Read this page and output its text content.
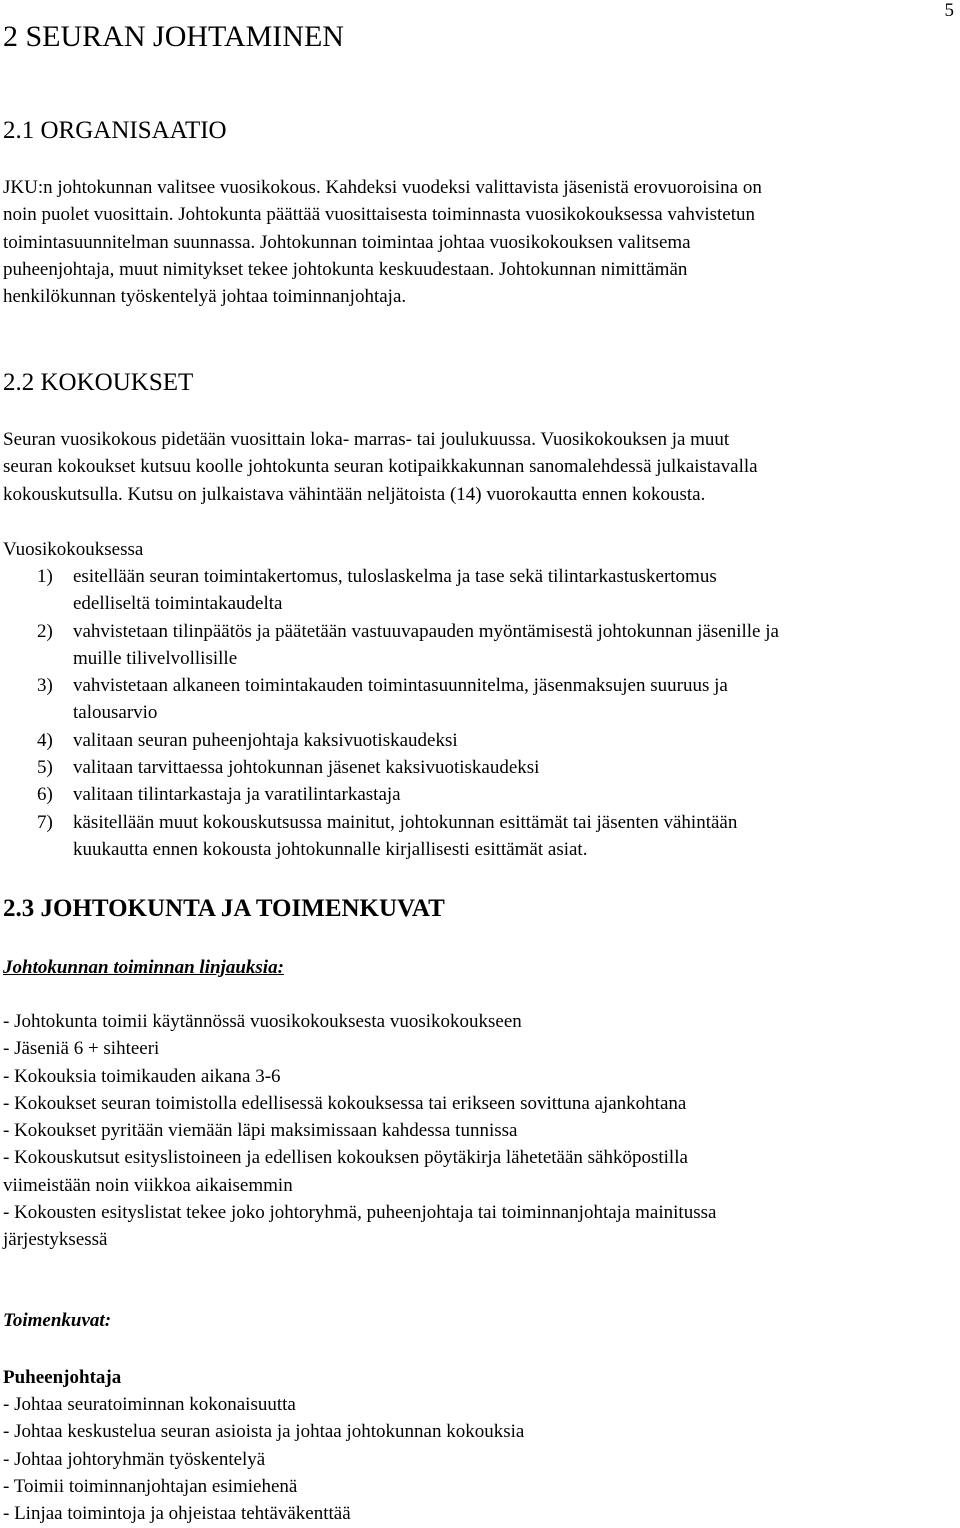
5
2 SEURAN JOHTAMINEN
2.1 ORGANISAATIO
JKU:n johtokunnan valitsee vuosikokous. Kahdeksi vuodeksi valittavista jäsenistä erovuoroisina on
noin puolet vuosittain. Johtokunta päättää vuosittaisesta toiminnasta vuosikokouksessa vahvistetun
toimintasuunnitelman suunnassa. Johtokunnan toimintaa johtaa vuosikokouksen valitsema
puheenjohtaja, muut nimitykset tekee johtokunta keskuudestaan. Johtokunnan nimittämän
henkilökunnan työskentelyä johtaa toiminnanjohtaja.
2.2 KOKOUKSET
Seuran vuosikokous pidetään vuosittain loka- marras- tai joulukuussa. Vuosikokouksen ja muut
seuran kokoukset kutsuu koolle johtokunta seuran kotipaikkakunnan sanomalehdessä julkaistavalla
kokouskutsulla. Kutsu on julkaistava vähintään neljätoista (14) vuorokautta ennen kokousta.
Vuosikokouksessa
1) esitellään seuran toimintakertomus, tuloslaskelma ja tase sekä tilintarkastuskertomus
edelliseltä toimintakaudelta
2) vahvistetaan tilinpäätös ja päätetään vastuuvapauden myöntämisestä johtokunnan jäsenille ja
muille tilivelvollisille
3) vahvistetaan alkaneen toimintakauden toimintasuunnitelma, jäsenmaksujen suuruus ja
talousarvio
4) valitaan seuran puheenjohtaja kaksivuotiskaudeksi
5) valitaan tarvittaessa johtokunnan jäsenet kaksivuotiskaudeksi
6) valitaan tilintarkastaja ja varatilintarkastaja
7) käsitellään muut kokouskutsussa mainitut, johtokunnan esittämät tai jäsenten vähintään
kuukautta ennen kokousta johtokunnalle kirjallisesti esittämät asiat.
2.3 JOHTOKUNTA JA TOIMENKUVAT
Johtokunnan toiminnan linjauksia:
- Johtokunta toimii käytännössä vuosikokouksesta vuosikokoukseen
- Jäseniä 6 + sihteeri
- Kokouksia toimikauden aikana 3-6
- Kokoukset seuran toimistolla edellisessä kokouksessa tai erikseen sovittuna ajankohtana
- Kokoukset pyritään viemään läpi maksimissaan kahdessa tunnissa
- Kokouskutsut esityslistoineen ja edellisen kokouksen pöytäkirja lähetetään sähköpostilla
viimeistään noin viikkoa aikaisemmin
- Kokousten esityslistat tekee joko johtoryhmä, puheenjohtaja tai toiminnanjohtaja mainitussa
järjestyksessä
Toimenkuvat:
Puheenjohtaja
- Johtaa seuratoiminnan kokonaisuutta
- Johtaa keskustelua seuran asioista ja johtaa johtokunnan kokouksia
- Johtaa johtoryhmän työskentelyä
- Toimii toiminnanjohtajan esimiehenä
- Linjaa toimintoja ja ohjeistaa tehtäväkenttää
